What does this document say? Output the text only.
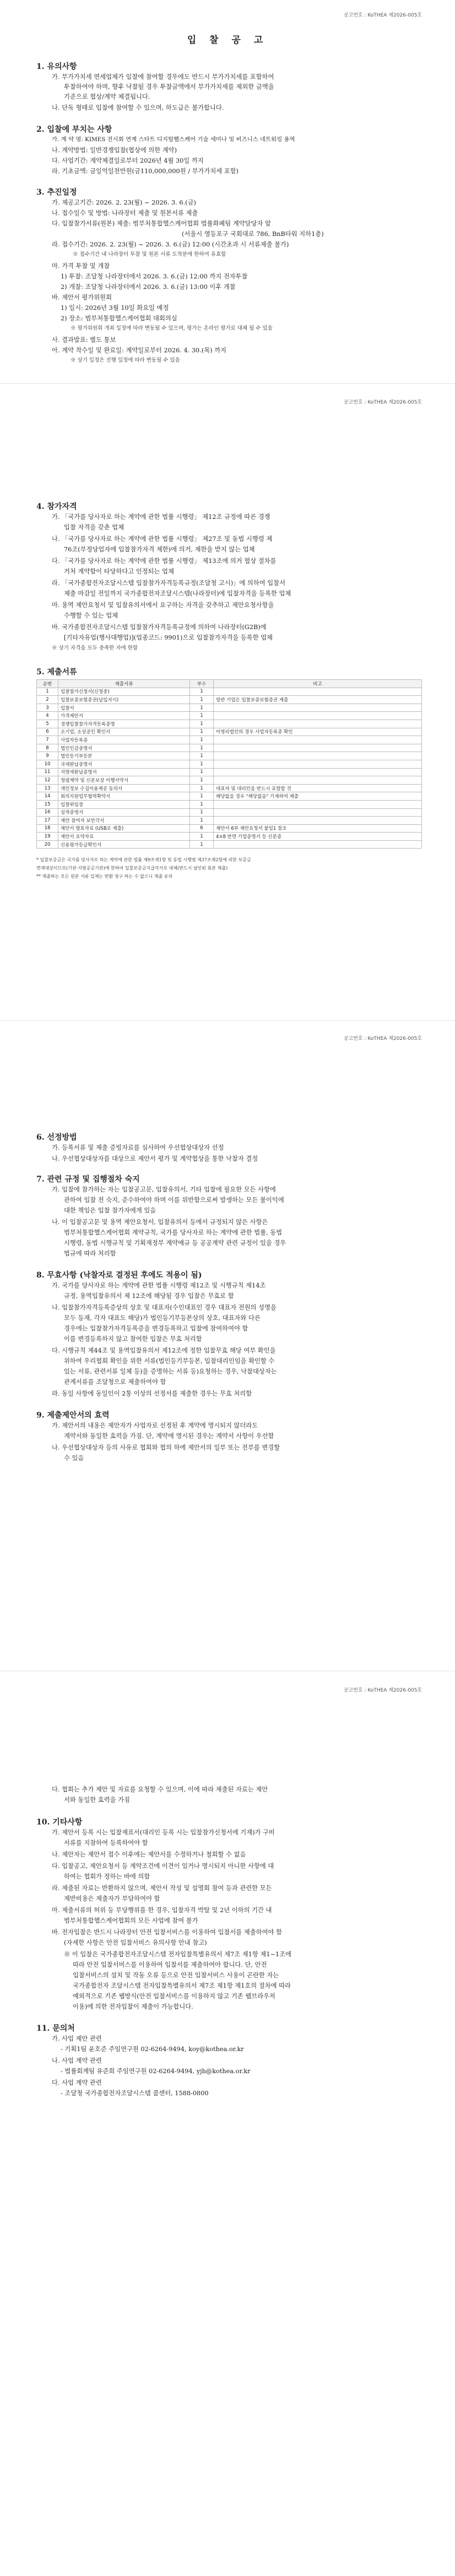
공고번호 : KoTHEA 제2026-005호
입 찰 공 고
1. 유의사항
가. 부가가치세 면세업체가 입찰에 참여할 경우에도 반드시 부가가치세를 포함하여
투찰하여야 하며, 향후 낙찰될 경우 투찰금액에서 부가가치세를 제외한 금액을
기준으로 협상/계약 체결됩니다.
나. 단독 형태로 입찰에 참여할 수 있으며, 하도급은 불가합니다.
2. 입찰에 부치는 사항
가. 계 약 명: KIMES 전시회 연계 스타트 디지털헬스케어 기술 세미나 및 비즈니스 네트워킹 용역
나. 계약방법: 일반경쟁입찰(협상에 의한 계약)
다. 사업기간: 계약체결일로부터 2026년 4월 30일 까지
라. 기초금액: 금일억일천만원(금110,000,000원 / 부가가치세 포함)
3. 추진일정
가. 제공고기간: 2026. 2. 23(월) ~ 2026. 3. 6.(금)
나. 접수일수 및 방법: 나라장터 제출 및 원본서류 제출
다. 입찰참가서류(원본) 제출: 범부처통합헬스케어협회 법률화폐팀 계약담당자 앞
(서울시 영등포구 국회대로 786, BnB타워 지하1층)
라. 접수기간: 2026. 2. 23(월) ~ 2026. 3. 6.(금) 12:00 (시간초과 시 서류제출 불가)
※ 접수기간 내 나라장터 투찰 및 원본 서류 도착분에 한하여 유효함
마. 가격 투찰 및 개찰
1) 투찰: 조달청 나라장터에서 2026. 3. 6.(금) 12:00 까지 전자투찰
2) 개찰: 조달청 나라장터에서 2026. 3. 6.(금) 13:00 이후 개찰
바. 제안서 평가위원회
1) 일시: 2026년 3월 10일 화요일 예정
2) 장소: 범부처통합헬스케어협회 대회의실
※ 평가위원회 개최 일정에 따라 변동될 수 있으며, 평가는 온라인 평가로 대체 될 수 있음
사. 결과발표: 별도 통보
아. 계약 착수일 및 완료일: 계약일로부터 2026. 4. 30.(목) 까지
※ 상기 일정은 진행 일정에 따라 변동될 수 있음
공고번호 : KoTHEA 제2026-005호
4. 참가자격
가. 「국가를 당사자로 하는 계약에 관한 법률 시행령」 제12조 규정에 따른 경쟁
입찰 자격을 갖춘 업체
나. 「국가를 당사자로 하는 계약에 관한 법률 시행령」 제27조 및 동법 시행령 제
76조(부정당업자에 입찰참가자격 제한)에 의거, 제한을 받지 않는 업체
다. 「국가를 당사자로 하는 계약에 관한 법률 시행령」 제13조에 의거 협상 절차를
거쳐 계약함이 타당하다고 인정되는 업체
라. 「국가종합전자조달시스템 입찰참가자격등록규정(조달청 고시)」에 의하여 입찰서
제출 마감일 전일까지 국가종합전자조달시스템(나라장터)에 입찰자격을 등록한 업체
마. 용역 제안요청서 및 입찰유의서에서 요구하는 자격을 갖추하고 제안요청사항을
수행할 수 있는 업체
바. 국가종합전자조달시스템 입찰참가자격등록규정에 의하여 나라장터(G2B)에
[기타자유업(행사대행업)](업종코드: 9901)으로 입찰참가자격을 등록한 업체
※ 상기 자격을 모두 충족한 자에 한함
5. 제출서류
순번	제출서류	부수	비고
1	입찰참가신청서(신청중)	1	
2	입찰보증보험증권(납입지시)	1	일반 기업은 입찰보증보험증권 제출
3	입찰서	1	
4	가격제안서	1	
5	경쟁입찰참가자격등록증명	1	
6	소기업, 소상공인 확인서	1	이영리법인의 경우 사업자등록증 확인
7	사업자등록증	1	
8	법인인감증명서	1	
9	법인등기부등본	1	
10	국세완납증명서	1	
11	지방세완납증명서	1	
12	청렴계약 및 신분보장 이행서약서	1	
13	개인정보 수집이용제공 동의서	1	대표자 및 대리인을 반드시 포함할 것
14	회의지원업무협력확약서	1	해당없을 경우 "해당없음" 기재하여 제출
15	입찰위임장	1	
16	실적증명서	1	
17	제안 참여자 보안각서	1	
18	제안서 발표자료 (USB로 제출)	6	제안서 6부 제안요청서 붙임1 참조
19	제안서 요약자료	1	4×8 반면 기업증명서 등 신분증
20	신용평가등급확인서	1	
* 입찰보증금은 국가를 당사자로 하는 계약에 관한 법률 제9조제1항 및 동법 시행령 제37조제2항에 의한 보증금
면제대상이므로(기관·지방공공기관)에 한하여 입찰보증금지급각서로 대체(반드시 날인된 원본 제출)
** 제출하는 모든 원본 서류 일체는 반환 청구 하는 수 없으니 제출 유의
공고번호 : KoTHEA 제2026-005호
6. 선정방법
가. 등록서류 및 제출 증빙자료를 심사하여 우선협상대상자 선정
나. 우선협상대상자를 대상으로 제안서 평가 및 계약협상을 통한 낙찰자 결정
7. 관련 규정 및 집행절차 숙지
가. 입찰에 참가하는 자는 입찰공고문, 입찰유의서, 기타 입찰에 필요한 모든 사항에
관하여 입찰 전 숙지, 준수하여야 하며 이를 위반함으로써 발생하는 모든 불이익에
대한 책임은 입찰 참가자에게 있음
나. 이 입찰공고문 및 용역 제안요청서, 입찰유의서 등에서 규정되지 않은 사항은
범부처통합헬스케어협회 계약규칙, 국가를 당사자로 하는 계약에 관한 법률, 동법
시행령, 동법 시행규칙 및 기획재정부 계약예규 등 공공계약 관련 규정이 있을 경우
법규에 따라 처리함
8. 무효사항 (낙찰자로 결정된 후에도 적용이 됨)
가. 국가를 당사자로 하는 계약에 관한 법률 시행령 제12조 및 시행규칙 제14조
규정, 용역입찰유의서 제 12조에 해당될 경우 입찰은 무효로 함
나. 입찰참가자격등록증상의 상호 및 대표자(수인대표인 경우 대표자 전원의 성명을
모두 등재, 각자 대표도 해당)가 법인등기부등본상의 상호, 대표자와 다른
경우에는 입찰참가자격등록증을 변경등록하고 입찰에 참여하여야 함
이를 변경등록하지 않고 참여한 입찰은 무효 처리함
다. 시행규칙 제44조 및 용역입찰유의서 제12조에 정한 입찰무효 해당 여부 확인을
위하여 우리협회 확인을 위한 서류(법인등기부등본, 입찰대리인임을 확인할 수
있는 서류, 관련서류 일체 등)을 증명하는 서류 등)요청하는 경우, 낙찰대상자는
관계서류를 조달청으로 제출하여야 함
라. 동일 사항에 동일인이 2통 이상의 선정서를 제출한 경우는 무효 처리함
9. 제출제안서의 효력
가. 제안서의 내용은 제안자가 사업자로 선정된 후 계약에 명시되지 않더라도
계약서와 동일한 효력을 가짐. 단, 계약에 명시된 경우는 계약서 사항이 우선함
나. 우선협상대상자 등의 사유로 협회와 협의 하에 제안서의 일부 또는 전부를 변경할
수 있음
공고번호 : KoTHEA 제2026-005호
다. 협회는 추가 제안 및 자료를 요청할 수 있으며, 이에 따라 제출된 자료는 제안
서와 동일한 효력을 가짐
10. 기타사항
가. 제안서 등록 시는 입찰제표서(대리인 등록 시는 입찰참가신청서에 기재)가 구비
서류를 지참하여 등록하여야 함
나. 제안자는 제안서 접수 이후에는 제안서를 수정하거나 철회할 수 없음
다. 입찰공고, 제안요청서 등 계약조건에 이견이 있거나 명시되지 아니한 사항에 대
하여는 협회가 정하는 바에 의함
라. 제출된 자료는 반환하지 않으며, 제안서 작성 및 설명회 참여 등과 관련한 모든
제반비용은 제출자가 부담하여야 함
마. 제출서류의 허위 등 부당행위를 한 경우, 입찰자격 박탈 및 2년 이하의 기간 내
범부처통합헬스케어협회의 모든 사업에 참여 불가
바. 전자입찰은 반드시 나라장터 안전 입찰서비스를 이용하여 입찰서를 제출하여야 함
(자세한 사항은 안전 입찰서비스 유의사항 안내 참고)
※ 이 입찰은 국가종합전자조달시스템 전자입찰특별유의서 제7조 제1항 제1~1조에
따라 안전 입찰서비스를 이용하여 입찰서를 제출하여야 합니다. 단, 안전
입찰서비스의 설치 및 작동 오류 등으로 안전 입찰서비스 사용이 곤란한 자는
국가종합전자 조달시스템 전자입찰특별유의서 제7조 제1항 제1호의 절차에 따라
예외적으로 기존 웹방식(안전 입찰서비스를 이용하지 않고 기존 웹브라우저
이용)에 의한 전자입찰이 제출이 가능합니다.
11. 문의처
가. 사업 제안 관련
- 기획1팀 윤호준 주임연구원 02-6264-9494, koy@kothea.or.kr
나. 사업 계약 관련
- 법률회계팀 유준희 주임연구원 02-6264-9494, yjh@kothea.or.kr
다. 사업 계약 관련
- 조달청 국가종합전자조달시스템 콜센터, 1588-0800
